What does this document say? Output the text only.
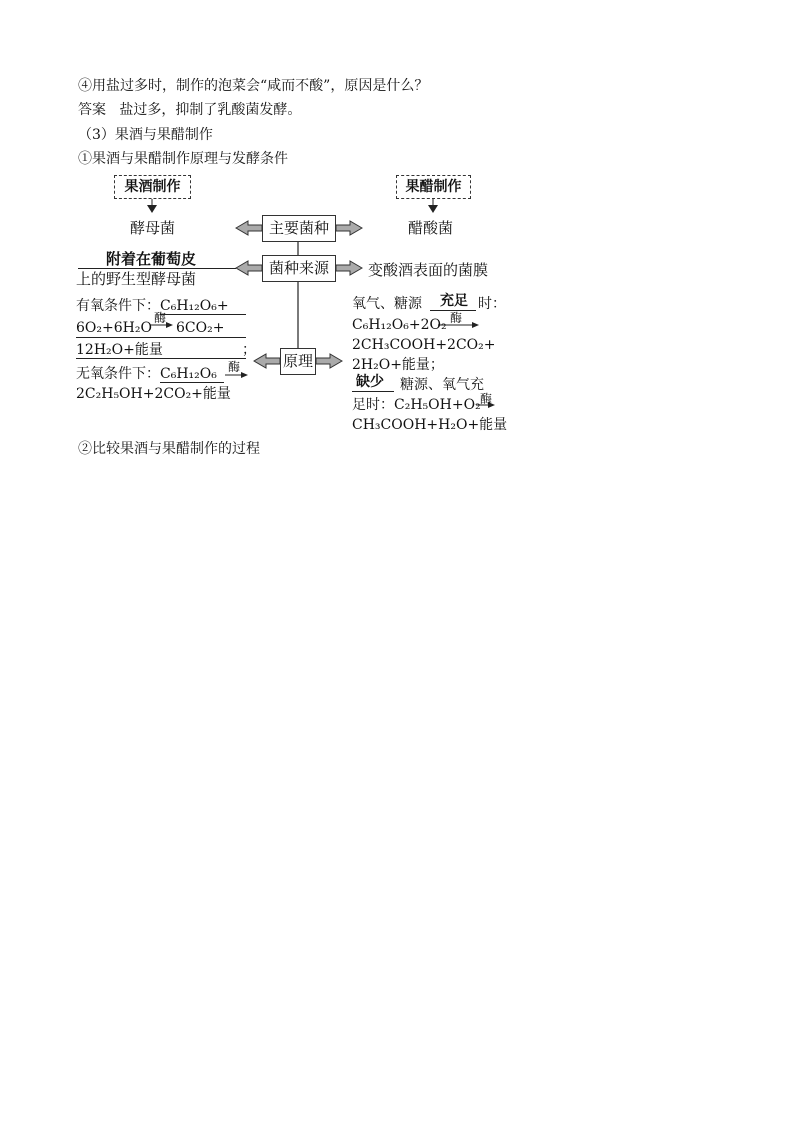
④用盐过多时，制作的泡菜会“咸而不酸”，原因是什么？
答案 盐过多，抑制了乳酸菌发酵。
（3）果酒与果醋制作
①果酒与果醋制作原理与发酵条件
果酒制作	果醋制作
主要菌种
菌种来源
原理
酵母菌	醋酸菌
附着在葡萄皮
上的野生型酵母菌	变酸酒表面的菌膜
有氧条件下：C₆H₁₂O₆+
酶
6O₂+6H₂O 6CO₂+
12H₂O+能量	；
无氧条件下：C₆H₁₂O₆ 酶
2C₂H₅OH+2CO₂+能量
氧气、糖源 充足 时：
C₆H₁₂O₆+2O₂ 酶
2CH₃COOH+2CO₂+
2H₂O+能量；
缺少 糖源、氧气充
足时：C₂H₅OH+O₂ 酶
CH₃COOH+H₂O+能量
②比较果酒与果醋制作的过程
